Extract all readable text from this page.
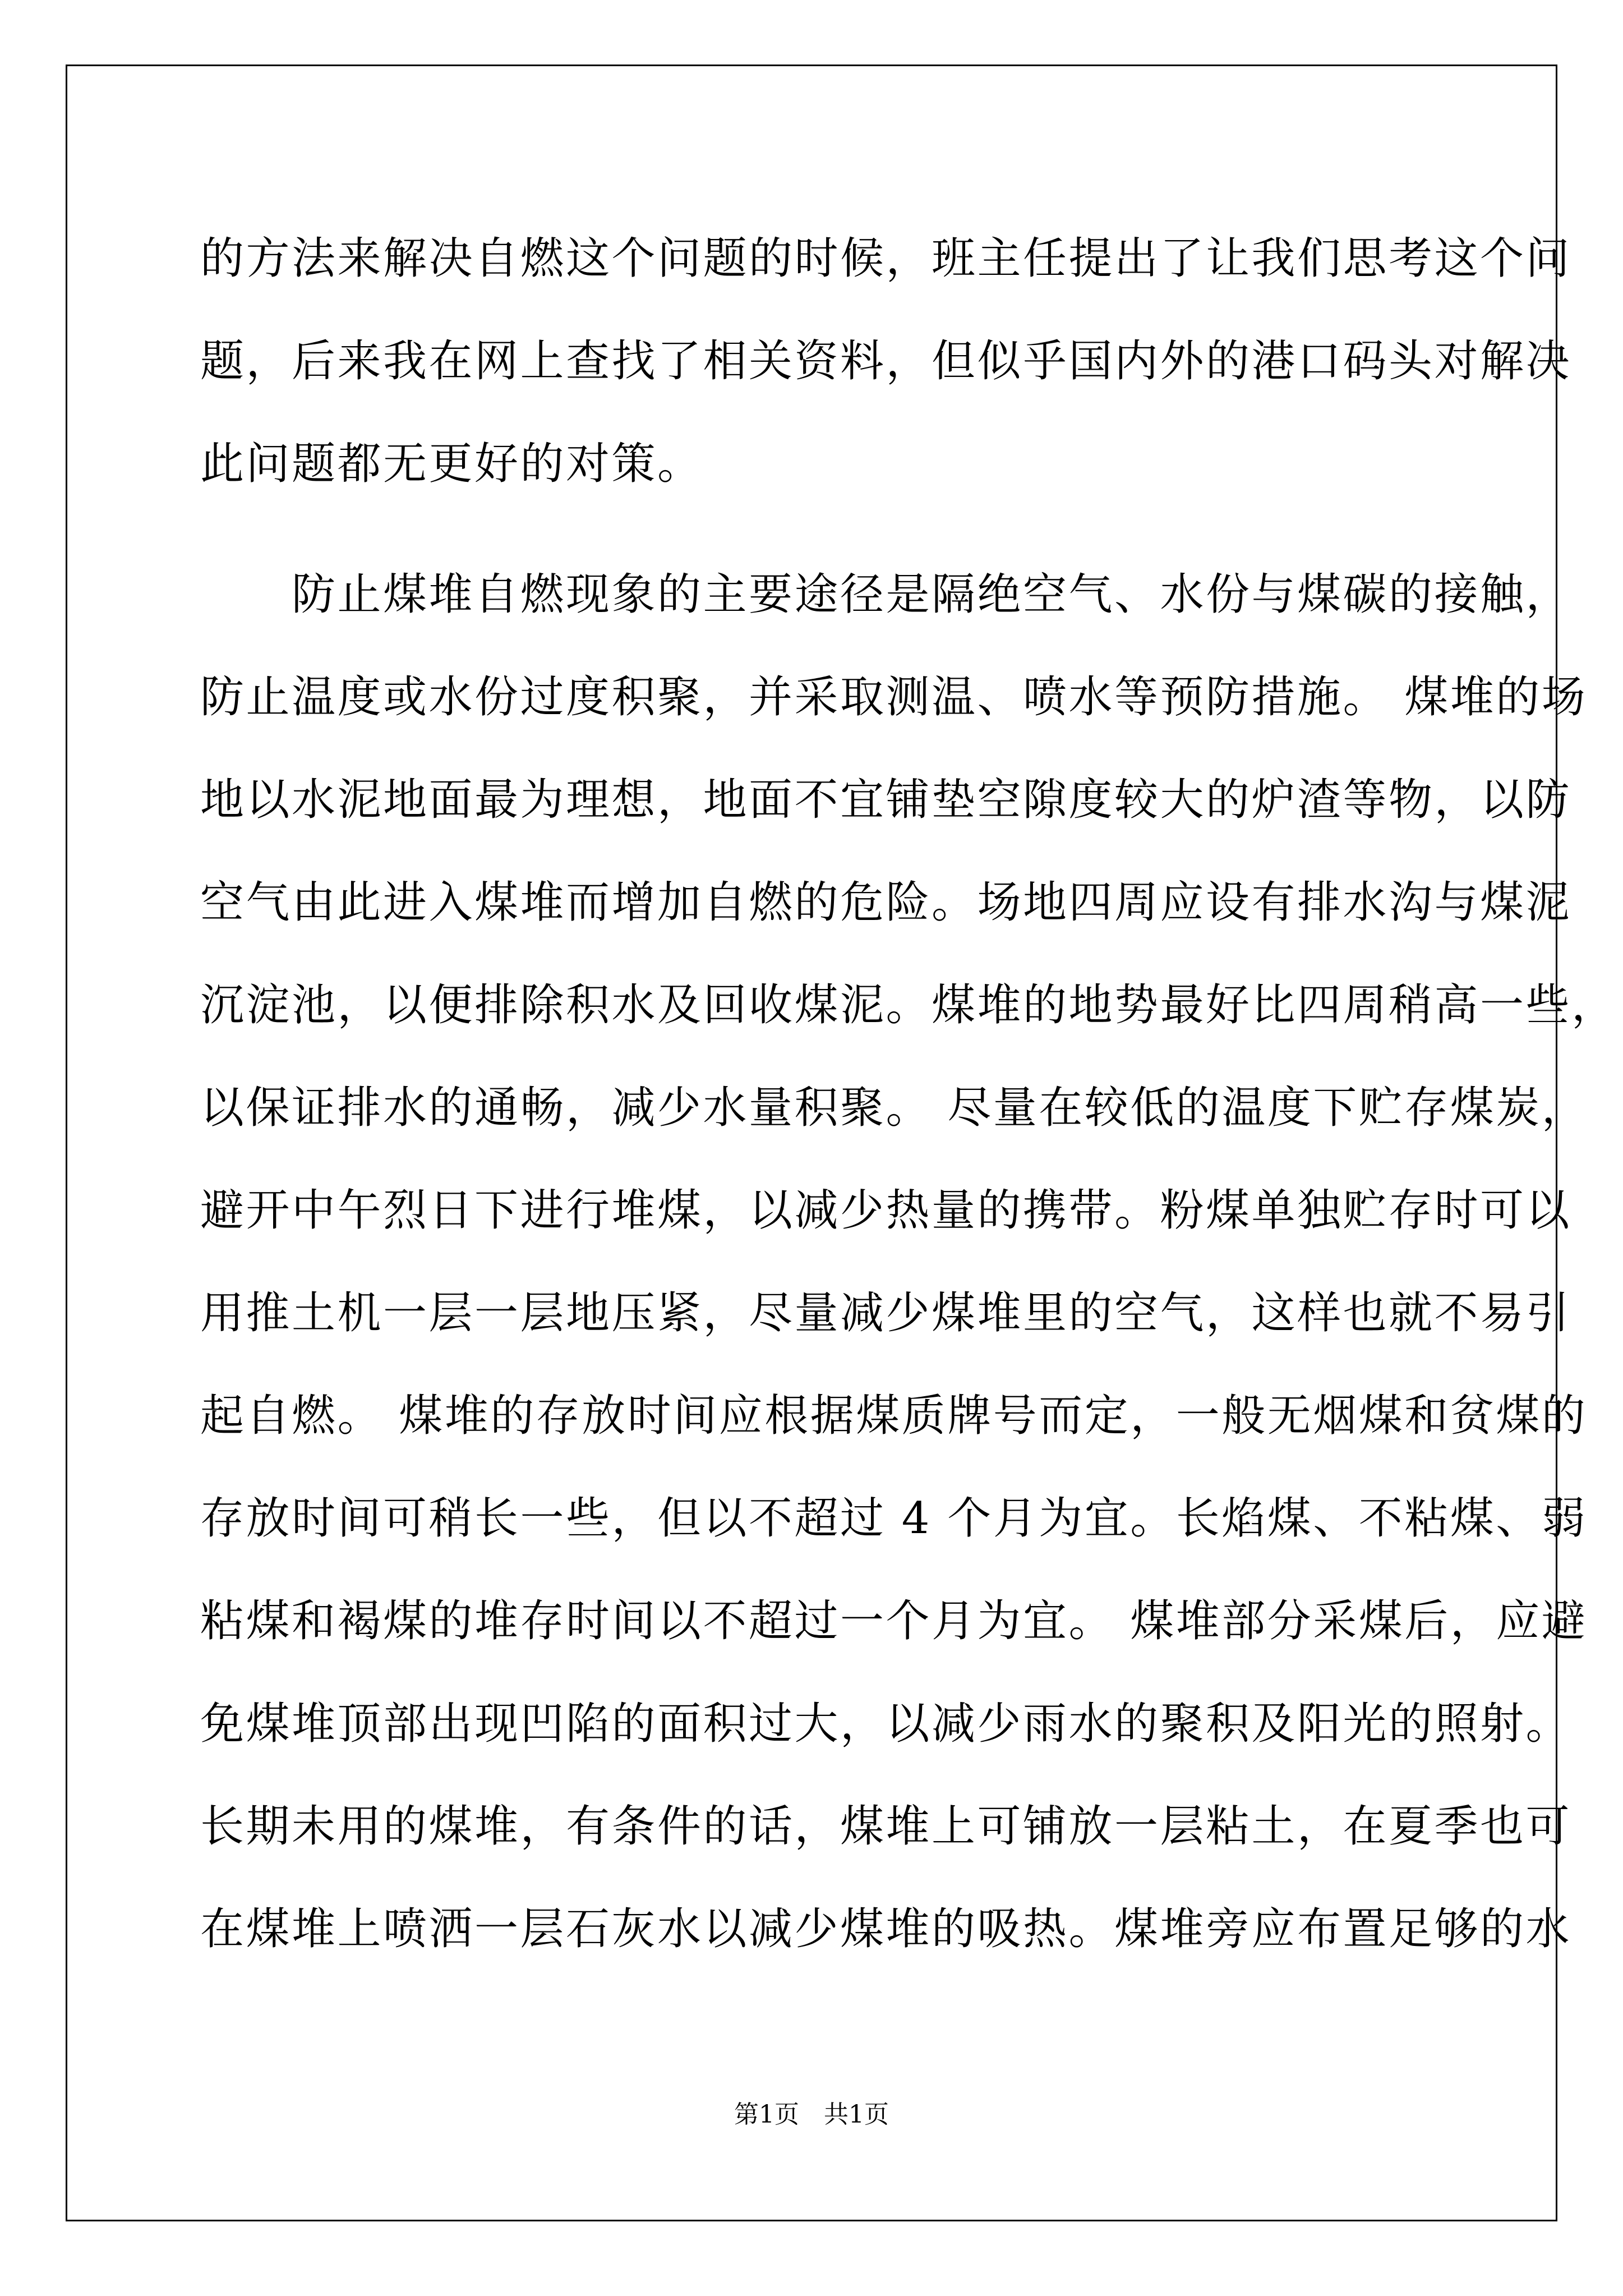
的方法来解决自燃这个问题的时候，班主任提出了让我们思考这个问
题，后来我在网上查找了相关资料，但似乎国内外的港口码头对解决
此问题都无更好的对策。
　　防止煤堆自燃现象的主要途径是隔绝空气、水份与煤碳的接触，
防止温度或水份过度积聚，并采取测温、喷水等预防措施。 煤堆的场
地以水泥地面最为理想，地面不宜铺垫空隙度较大的炉渣等物，以防
空气由此进入煤堆而增加自燃的危险。场地四周应设有排水沟与煤泥
沉淀池，以便排除积水及回收煤泥。煤堆的地势最好比四周稍高一些，
以保证排水的通畅，减少水量积聚。 尽量在较低的温度下贮存煤炭，
避开中午烈日下进行堆煤，以减少热量的携带。粉煤单独贮存时可以
用推土机一层一层地压紧，尽量减少煤堆里的空气，这样也就不易引
起自燃。 煤堆的存放时间应根据煤质牌号而定，一般无烟煤和贫煤的
存放时间可稍长一些，但以不超过 4 个月为宜。长焰煤、不粘煤、弱
粘煤和褐煤的堆存时间以不超过一个月为宜。 煤堆部分采煤后，应避
免煤堆顶部出现凹陷的面积过大，以减少雨水的聚积及阳光的照射。
长期未用的煤堆，有条件的话，煤堆上可铺放一层粘土，在夏季也可
在煤堆上喷洒一层石灰水以减少煤堆的吸热。煤堆旁应布置足够的水
第1页　共1页
